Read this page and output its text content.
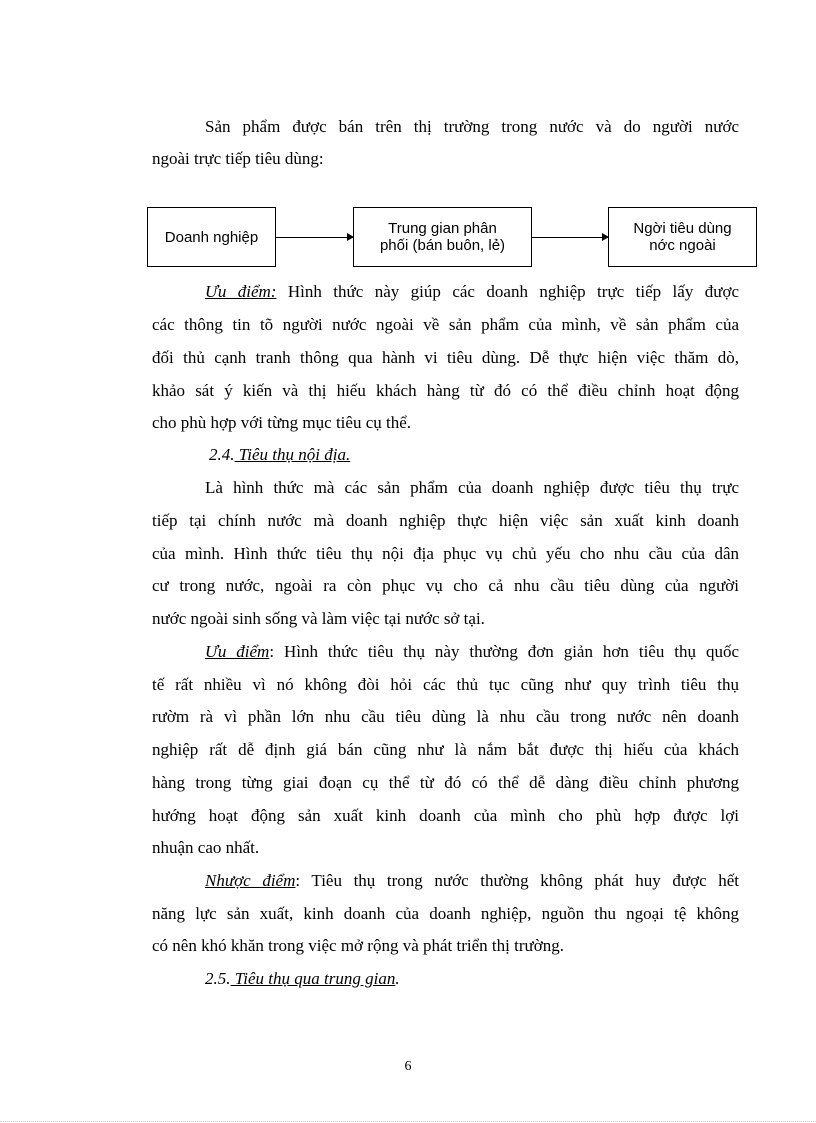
Sản phẩm được bán trên thị trường trong nước và do người nước
ngoài trực tiếp tiêu dùng:
Doanh nghiệp	Trung gian phân
phối (bán buôn, lẻ)
Ngời tiêu dùng
nớc ngoài
Ưu điểm: Hình thức này giúp các doanh nghiệp trực tiếp lấy được
các thông tin tõ người nước ngoài về sản phẩm của mình, về sản phẩm của
đối thủ cạnh tranh thông qua hành vi tiêu dùng. Dễ thực hiện việc thăm dò,
khảo sát ý kiến và thị hiếu khách hàng từ đó có thể điều chỉnh hoạt động
cho phù hợp với từng mục tiêu cụ thể.
2.4. Tiêu thụ nội địa.
Là hình thức mà các sản phẩm của doanh nghiệp được tiêu thụ trực
tiếp tại chính nước mà doanh nghiệp thực hiện việc sản xuất kinh doanh
của mình. Hình thức tiêu thụ nội địa phục vụ chủ yếu cho nhu cầu của dân
cư trong nước, ngoài ra còn phục vụ cho cả nhu cầu tiêu dùng của người
nước ngoài sinh sống và làm việc tại nước sở tại.
Ưu điểm: Hình thức tiêu thụ này thường đơn giản hơn tiêu thụ quốc
tế rất nhiều vì nó không đòi hỏi các thủ tục cũng như quy trình tiêu thụ
rườm rà vì phần lớn nhu cầu tiêu dùng là nhu cầu trong nước nên doanh
nghiệp rất dễ định giá bán cũng như là nắm bắt được thị hiếu của khách
hàng trong từng giai đoạn cụ thể từ đó có thể dễ dàng điều chỉnh phương
hướng hoạt động sản xuất kinh doanh của mình cho phù hợp được lợi
nhuận cao nhất.
Nhược điểm: Tiêu thụ trong nước thường không phát huy được hết
năng lực sản xuất, kinh doanh của doanh nghiệp, nguồn thu ngoại tệ không
có nên khó khăn trong việc mở rộng và phát triển thị trường.
2.5. Tiêu thụ qua trung gian.
6
